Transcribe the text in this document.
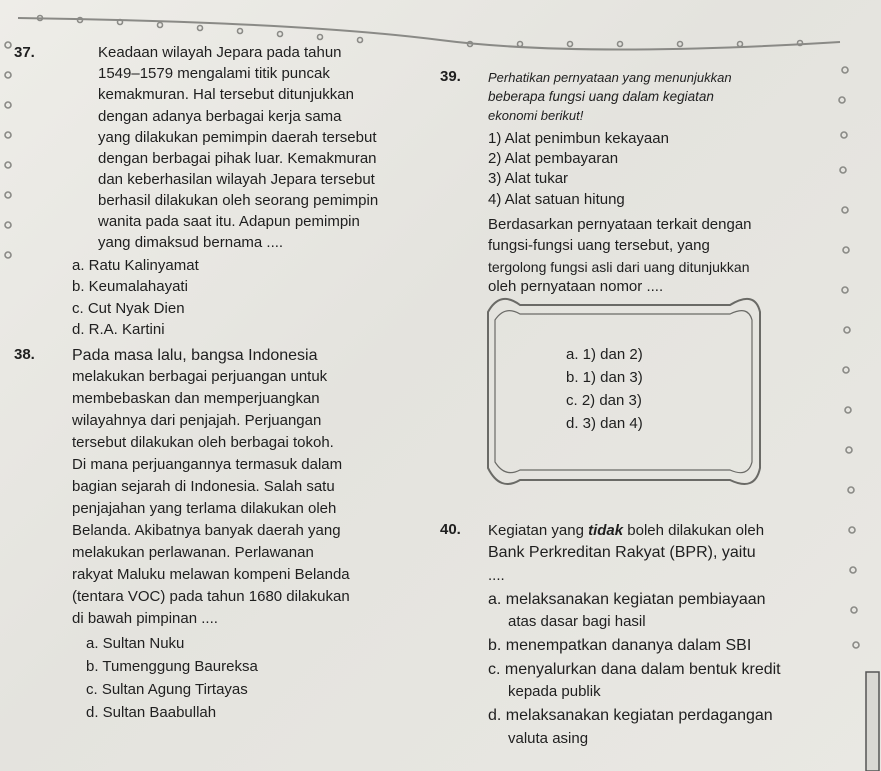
37.	Keadaan wilayah Jepara pada tahun
1549–1579 mengalami titik puncak
kemakmuran. Hal tersebut ditunjukkan
dengan adanya berbagai kerja sama
yang dilakukan pemimpin daerah tersebut
dengan berbagai pihak luar. Kemakmuran
dan keberhasilan wilayah Jepara tersebut
berhasil dilakukan oleh seorang pemimpin
wanita pada saat itu. Adapun pemimpin
yang dimaksud bernama ....
a. Ratu Kalinyamat
b. Keumalahayati
c. Cut Nyak Dien
d. R.A. Kartini
38. Pada masa lalu, bangsa Indonesia
melakukan berbagai perjuangan untuk
membebaskan dan memperjuangkan
wilayahnya dari penjajah. Perjuangan
tersebut dilakukan oleh berbagai tokoh.
Di mana perjuangannya termasuk dalam
bagian sejarah di Indonesia. Salah satu
penjajahan yang terlama dilakukan oleh
Belanda. Akibatnya banyak daerah yang
melakukan perlawanan. Perlawanan
rakyat Maluku melawan kompeni Belanda
(tentara VOC) pada tahun 1680 dilakukan
di bawah pimpinan ....
a. Sultan Nuku
b. Tumenggung Baureksa
c. Sultan Agung Tirtayas
d. Sultan Baabullah
39. Perhatikan pernyataan yang menunjukkan
beberapa fungsi uang dalam kegiatan
ekonomi berikut!
1) Alat penimbun kekayaan
2) Alat pembayaran
3) Alat tukar
4) Alat satuan hitung
Berdasarkan pernyataan terkait dengan
fungsi-fungsi uang tersebut, yang
tergolong fungsi asli dari uang ditunjukkan
oleh pernyataan nomor ....
a. 1) dan 2)
b. 1) dan 3)
c. 2) dan 3)
d. 3) dan 4)
40. Kegiatan yang tidak boleh dilakukan oleh
Bank Perkreditan Rakyat (BPR), yaitu
....
a. melaksanakan kegiatan pembiayaan
atas dasar bagi hasil
b. menempatkan dananya dalam SBI
c. menyalurkan dana dalam bentuk kredit
kepada publik
d. melaksanakan kegiatan perdagangan
valuta asing
